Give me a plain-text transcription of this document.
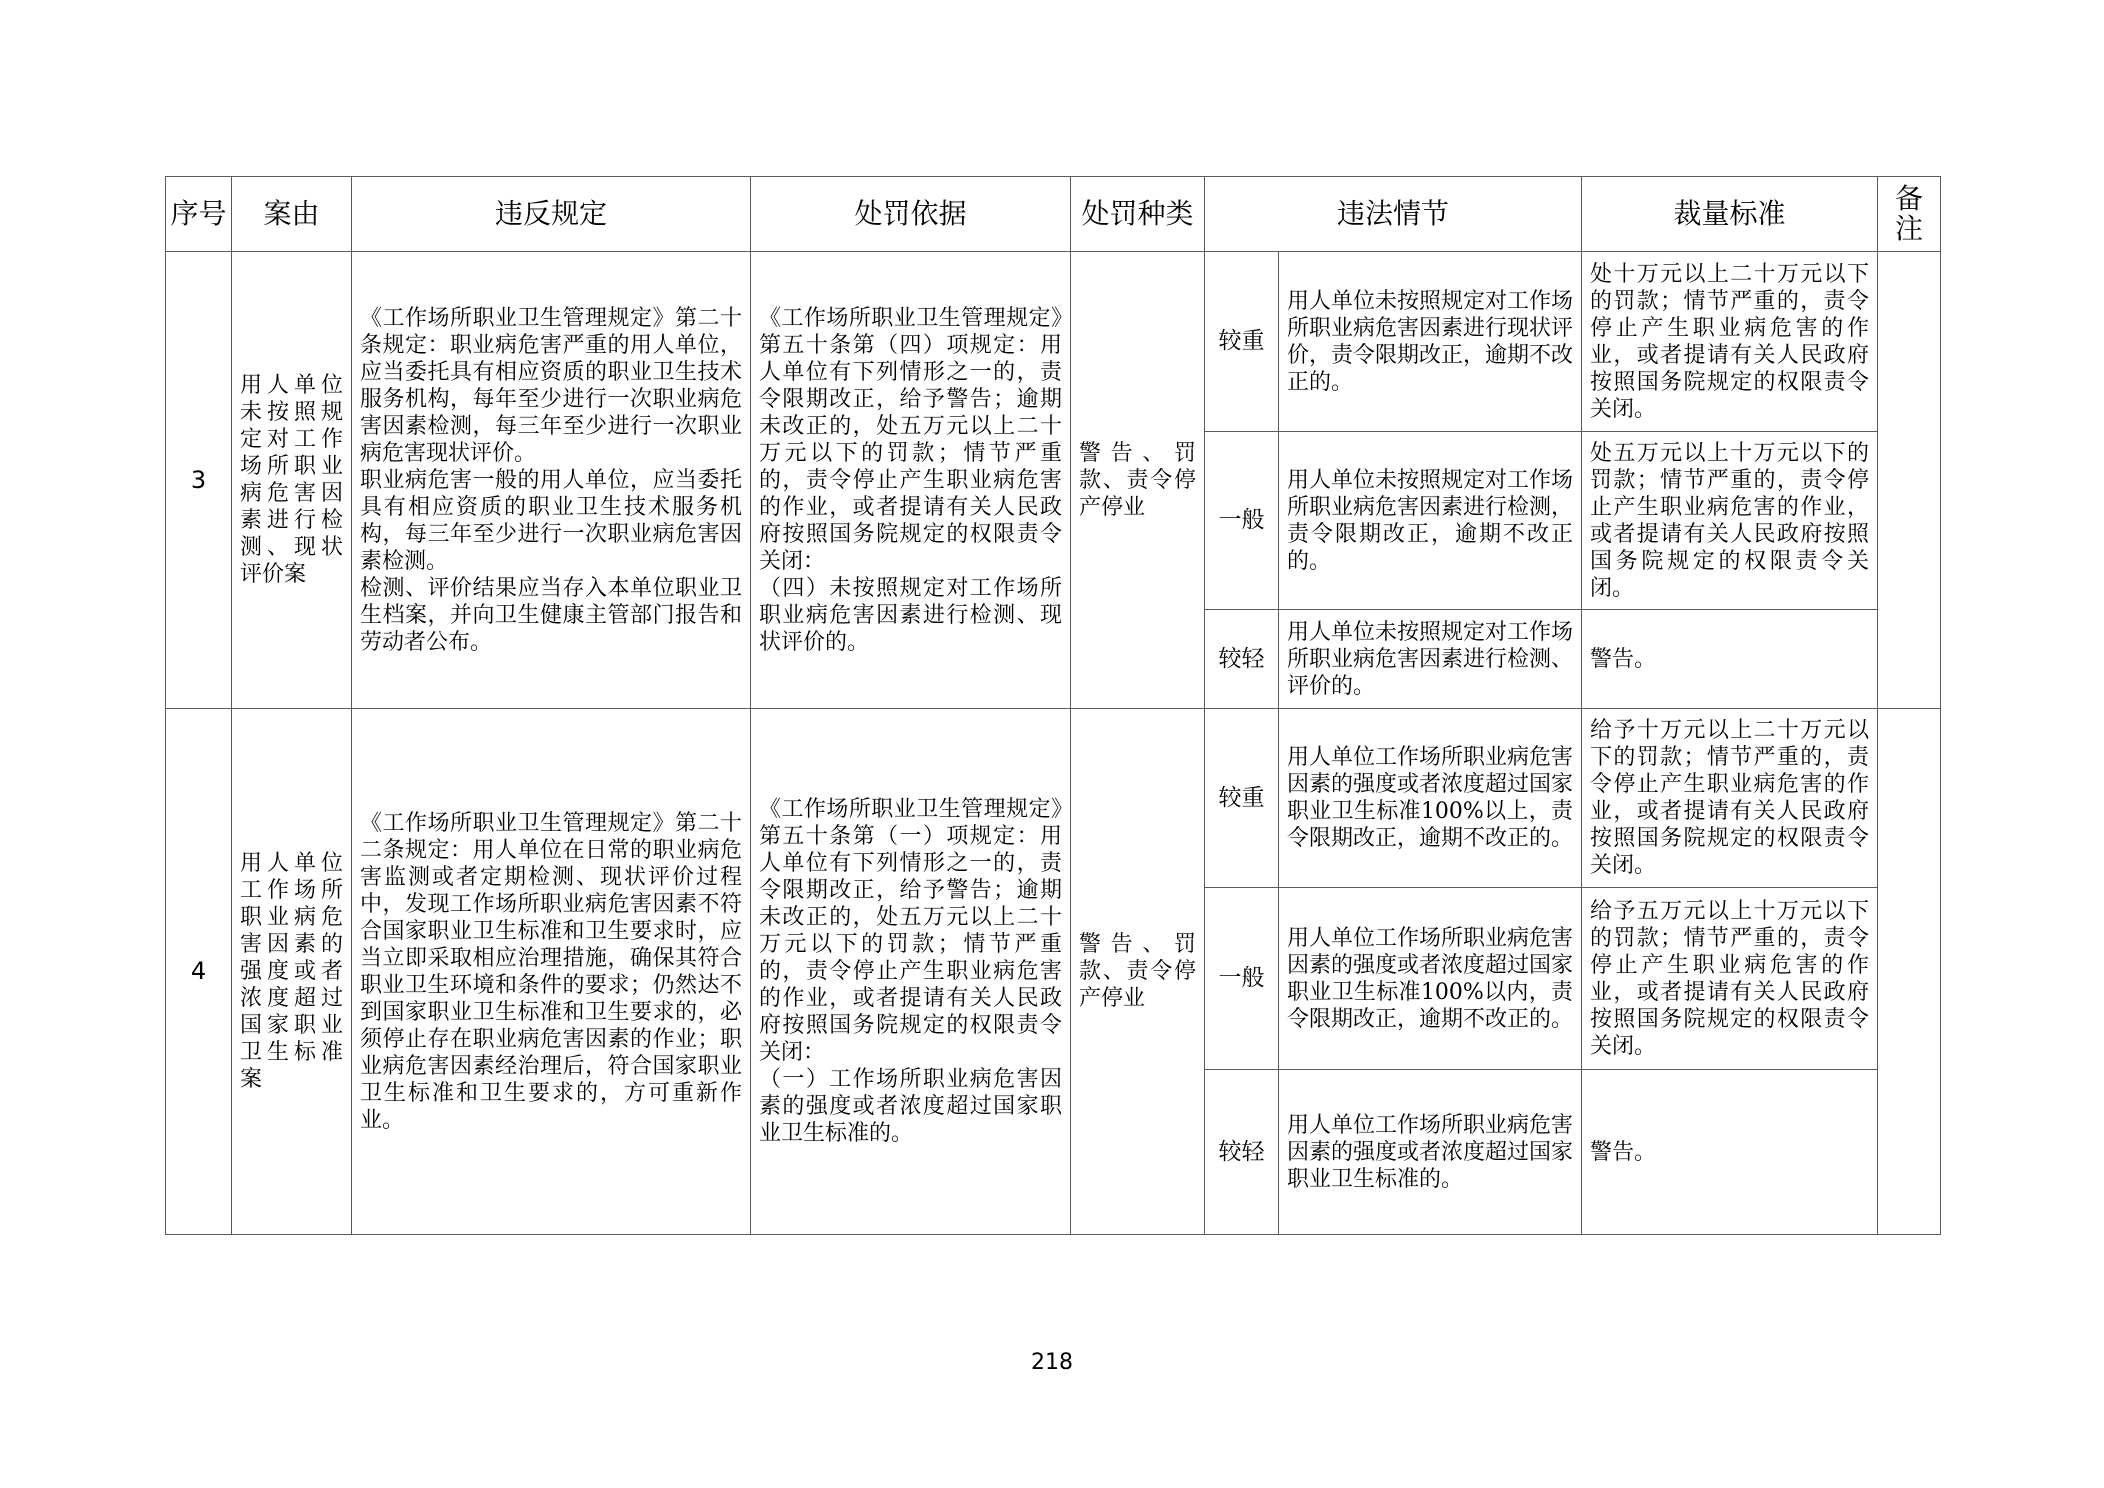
序号	案由	违反规定	处罚依据	处罚种类	违法情节		裁量标准	备注
3	用人单位未按照规定对工作场所职业病危害因素进行检测、现状评价案	《工作场所职业卫生管理规定》第二十条规定：职业病危害严重的用人单位，应当委托具有相应资质的职业卫生技术服务机构，每年至少进行一次职业病危害因素检测，每三年至少进行一次职业病危害现状评价。
职业病危害一般的用人单位，应当委托具有相应资质的职业卫生技术服务机构，每三年至少进行一次职业病危害因素检测。
检测、评价结果应当存入本单位职业卫生档案，并向卫生健康主管部门报告和劳动者公布。	《工作场所职业卫生管理规定》第五十条第（四）项规定：用人单位有下列情形之一的，责令限期改正，给予警告；逾期未改正的，处五万元以上二十万元以下的罚款；情节严重的，责令停止产生职业病危害的作业，或者提请有关人民政府按照国务院规定的权限责令关闭：
（四）未按照规定对工作场所职业病危害因素进行检测、现状评价的。	警告、罚款、责令停产停业	较重	用人单位未按照规定对工作场所职业病危害因素进行现状评价，责令限期改正，逾期不改正的。	处十万元以上二十万元以下的罚款；情节严重的，责令停止产生职业病危害的作业，或者提请有关人民政府按照国务院规定的权限责令关闭。	
					一般	用人单位未按照规定对工作场所职业病危害因素进行检测，责令限期改正，逾期不改正的。	处五万元以上十万元以下的罚款；情节严重的，责令停止产生职业病危害的作业，或者提请有关人民政府按照国务院规定的权限责令关闭。	
					较轻	用人单位未按照规定对工作场所职业病危害因素进行检测、评价的。	警告。	
4	用人单位工作场所职业病危害因素的强度或者浓度超过国家职业卫生标准案	《工作场所职业卫生管理规定》第二十二条规定：用人单位在日常的职业病危害监测或者定期检测、现状评价过程中，发现工作场所职业病危害因素不符合国家职业卫生标准和卫生要求时，应当立即采取相应治理措施，确保其符合职业卫生环境和条件的要求；仍然达不到国家职业卫生标准和卫生要求的，必须停止存在职业病危害因素的作业；职业病危害因素经治理后，符合国家职业卫生标准和卫生要求的，方可重新作业。	《工作场所职业卫生管理规定》第五十条第（一）项规定：用人单位有下列情形之一的，责令限期改正，给予警告；逾期未改正的，处五万元以上二十万元以下的罚款；情节严重的，责令停止产生职业病危害的作业，或者提请有关人民政府按照国务院规定的权限责令关闭：
（一）工作场所职业病危害因素的强度或者浓度超过国家职业卫生标准的。	警告、罚款、责令停产停业	较重	用人单位工作场所职业病危害因素的强度或者浓度超过国家职业卫生标准100%以上，责令限期改正，逾期不改正的。	给予十万元以上二十万元以下的罚款；情节严重的，责令停止产生职业病危害的作业，或者提请有关人民政府按照国务院规定的权限责令关闭。	
					一般	用人单位工作场所职业病危害因素的强度或者浓度超过国家职业卫生标准100%以内，责令限期改正，逾期不改正的。	给予五万元以上十万元以下的罚款；情节严重的，责令停止产生职业病危害的作业，或者提请有关人民政府按照国务院规定的权限责令关闭。	
					较轻	用人单位工作场所职业病危害因素的强度或者浓度超过国家职业卫生标准的。	警告。	
218
